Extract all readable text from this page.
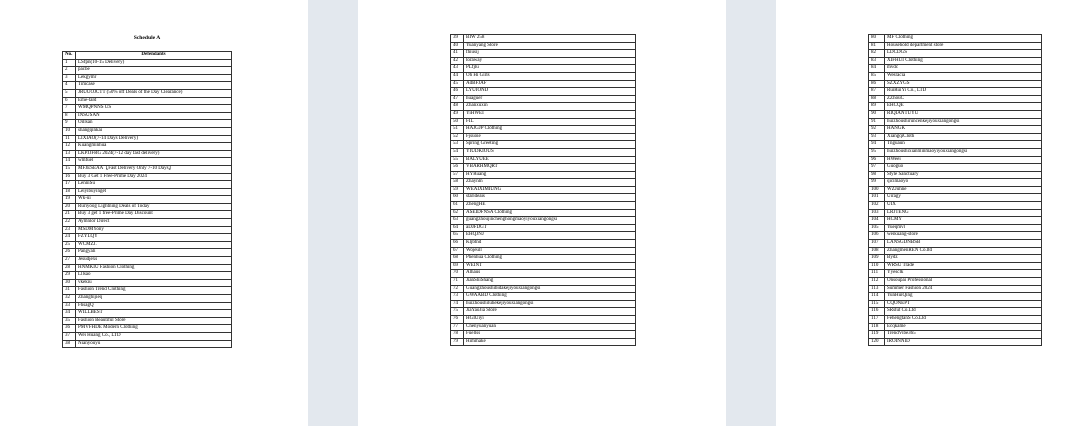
Schedule A
No.	Defendants
1	LSfpn(10-15 Delivery)
2	pacbe
3	Lekgymr
4	Timcase
5	JRUUOJCTT (50% off Deals of the Day Clearance)
6	Eme-tald
7	WMQPNNS US
8	INSUSAN
9	Oillsan
10	shangqinkai
11	LIXIAO(7-14 Days Delivery)
12	Kuangminhua
13	LKPJJFRG 2024(7-12 day fast delivery)
14	wmfuel
15	MFJESEAA【Fast Delivery Only 7-10 Days】
16	Buy 3 Get 1 Free-Prime Day 2024
17	LenniSu
18	Leiyibuyinget
19	Wk-ui
20	Ruriyoog Lightning Deals of Today
21	Buy 3 get 1 free-Prime Day Discount
22	Aymnlor Direct
23	MSDMYony
24	FZYLQY
25	WCMZJ.
26	Pangyali
27	Jesudjexs
28	HNMKIU Fashion Clothing
29	Lllsao
30	vkekiu
31	Fashion Trend Clothing
32	Zhanghijieq
33	FhsagQ
34	WILLBEST
35	Fashion Beautiful Store
36	PMVFHDE Modern Clothing
37	Wei Huang Co., LTD
38	Nianyouyu
39	BIW 258
40	Yuanyang Store
41	fhiusij
42	toraway
43	PLfjlu
44	Oh Hi Girls
45	AdBFJAF
46	LYUIOND
47	huaguer
48	Zhanxuxin
49	YiHWEI
50	FIL
51	HAJGJP Clothing
52	Fjsuoie
53	Spring Greeting
54	YIUDKIOUS
55	BALYUEE
56	VBARHMQRT
57	HYRuang
58	Zhaynln
59	WEAIXIMIUNG
60	starideais
61	ZhengHE
62	ASEIDFNSA Clothing
63	guangzhoujinchenghongmaoyiyouxiangongsi
64	aDJFDGT
65	EHQJNJ
66	Kljbtnd
67	Wojeull
68	Phenhua Clothing
69	WEINT
70	Alhaus
71	JianShiShang
72	Guangzhoushibidakejiyouxiangongsi
73	GWAABD Clothing
74	huizhoushiluhekejiyouxiangongsi
75	JiaYaoJia Store
76	HGIUiyi
77	Chenyuanyuan
78	Fuellss
79	Himmake
80	MF Clothing
81	Household department store
82	LDCDGS
83	XIFHUI Clothing
84	mvdc
85	Wesracia
86	SZXZYGS
87	RuiRuiYi Co., LTD
88	ZZhouC
89	EHCQE
90	RIQIANTUYU
91	huizhoushiruncenkejiyouxiangongsi
92	HANGK
93	XiangqiCloth
94	Tnguaun
95	huizhoushixianminmaoyiyouxiangongsi
96	HWeei
97	Guoguo
98	Style Sanctuary
99	qicimaoyo
100	WZJuhne
101	Uiragy
102	UIX
103	LRJTENG
104	HCMY
105	Yueqmvl
106	weikuang-store
107	LANSGDNBSB
108	ZhangmenREN Co.ltd
109	Bydz
110	WRSU Trade
111	Yyesclk
112	Onsoupai Professional
113	Summer Fashion 2024
114	YunHuiQing
115	CQONEPT
116	SRstut Co.Ltd
117	FehengtanS Co.Ltd
118	Ecqkame
119	TrendVibe365
120	IROINNID
